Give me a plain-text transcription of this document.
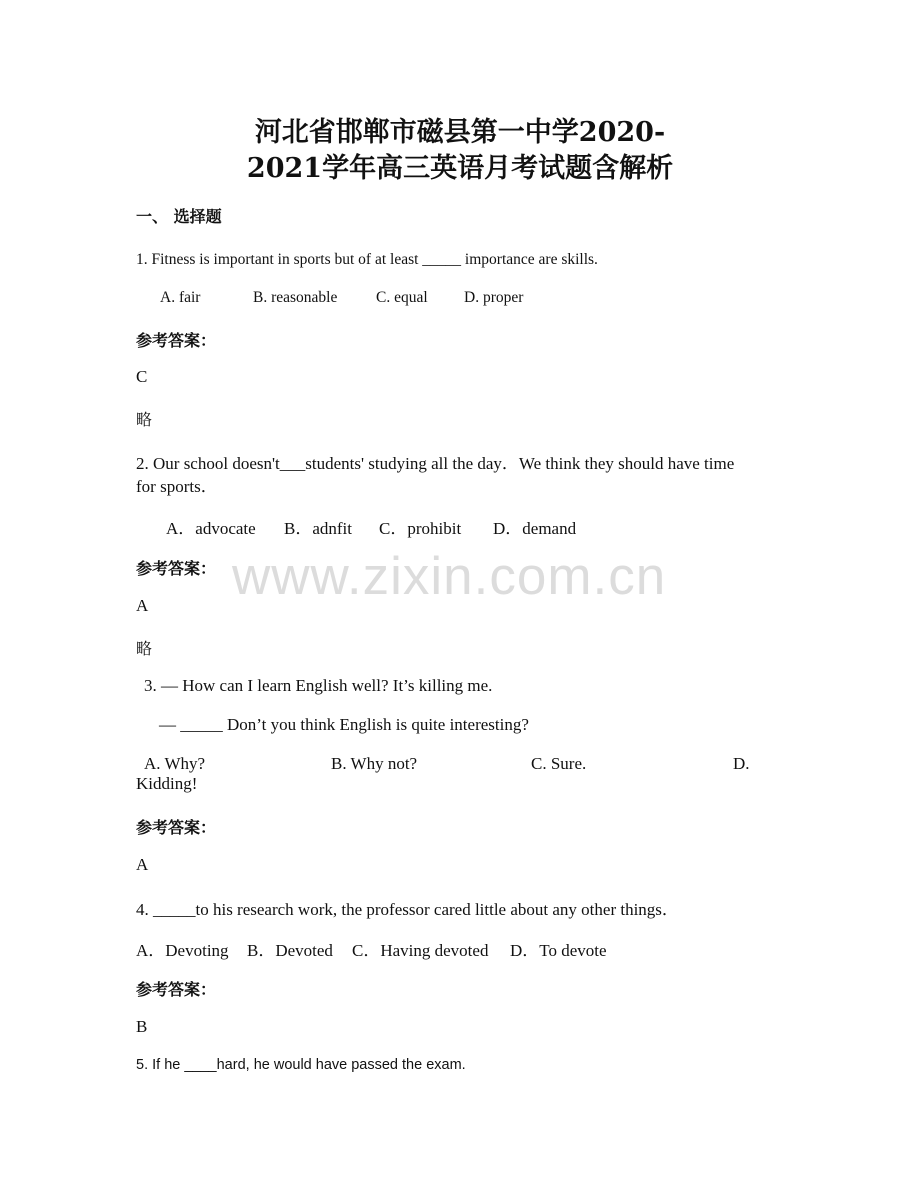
www.zixin.com.cn
河北省邯郸市磁县第一中学2020-
2021学年高三英语月考试题含解析
一、 选择题
1. Fitness is important in sports but of at least _____ importance are skills.
A. fair	B. reasonable C. equal D. proper
参考答案：
C
略
2. Our school doesn't___students' studying all the day．We think they should have time
for sports．
A．advocate B．adnfit C．prohibit D．demand
参考答案：
A
略
3. — How can I learn English well? It’s killing me.
— _____ Don’t you think English is quite interesting?
A. Why?	B. Why not?	C. Sure.	D.
Kidding!
参考答案：
A
4. _____to his research work, the professor cared little about any other things．
A．Devoting B．Devoted C．Having devoted D．To devote
参考答案：
B
5. If he ____hard, he would have passed the exam.
